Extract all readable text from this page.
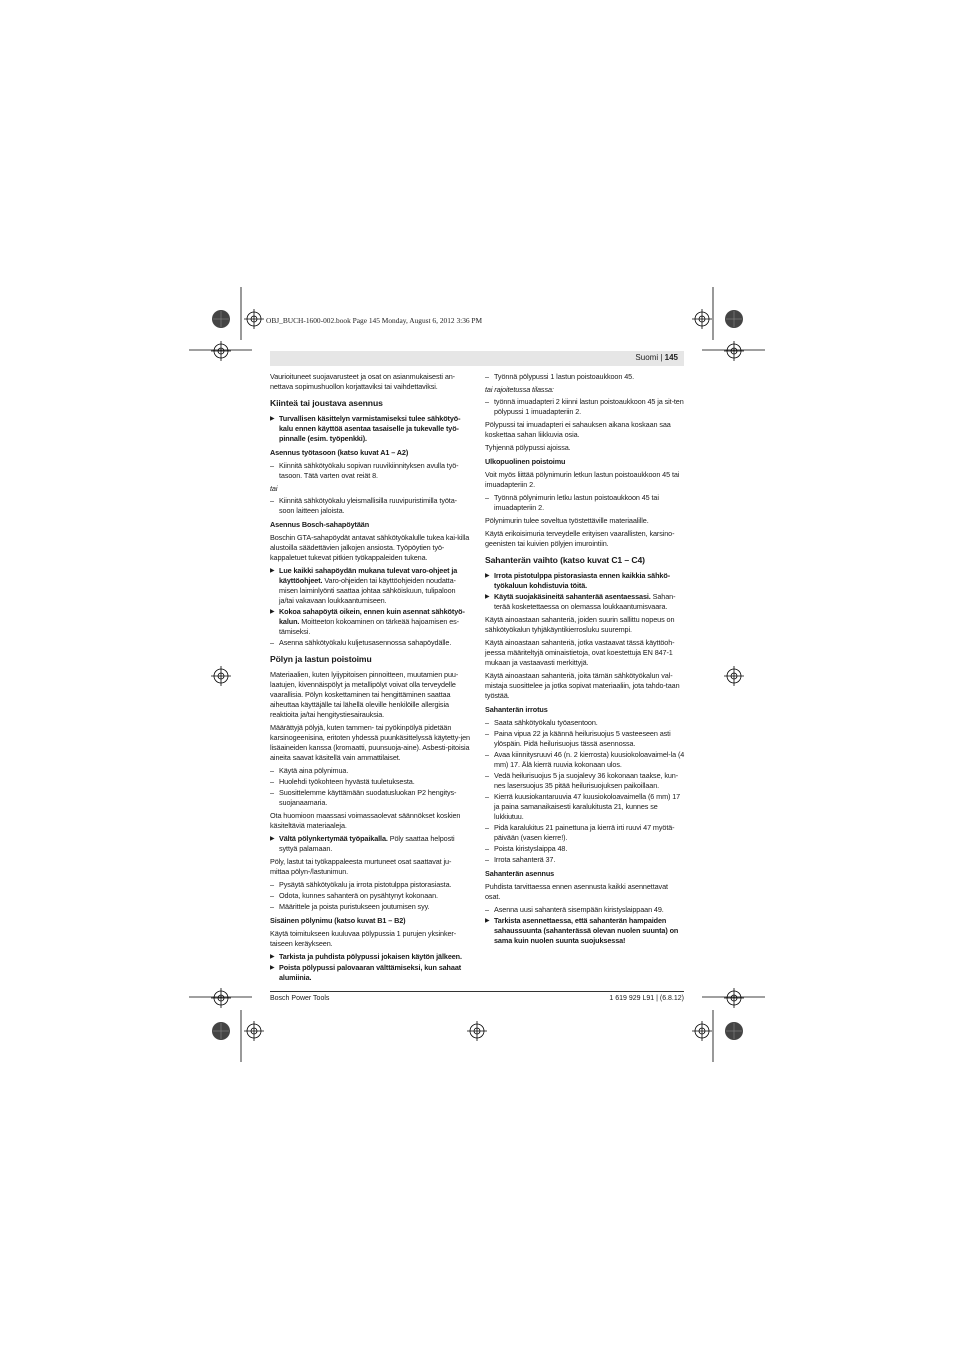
OBJ_BUCH-1600-002.book Page 145 Monday, August 6, 2012 3:36 PM
Suomi | 145

Vaurioituneet suojavarusteet ja osat on asianmukaisesti an-nettava sopimushuollon korjattaviksi tai vaihdettaviksi.

Kiinteä tai joustava asennus
▶ Turvallisen käsittelyn varmistamiseksi tulee sähkötyö-kalu ennen käyttöä asentaa tasaiselle ja tukevalle työ-pinnalle (esim. työpenkki).
Asennus työtasoon (katso kuvat A1 – A2)
– Kiinnitä sähkötyökalu sopivan ruuvikiinnityksen avulla työ-tasoon. Tätä varten ovat reiät 8.

tai

– Kiinnitä sähkötyökalu yleismallisilla ruuvipuristimilla työta-soon laitteen jaloista.
Asennus Bosch-sahapöytään

Boschin GTA-sahapöydät antavat sähkötyökalulle tukea kai-killa alustoilla säädettävien jalkojen ansiosta. Työpöytien työ-kappaletuet tukevat pitkien työkappaleiden tukena.

▶ Lue kaikki sahapöydän mukana tulevat varo-ohjeet ja käyttöohjeet. Varo-ohjeiden tai käyttöohjeiden noudatta-misen laiminlyönti saattaa johtaa sähköiskuun, tulipaloon ja/tai vakavaan loukkaantumiseen.
▶ Kokoa sahapöytä oikein, ennen kuin asennat sähkötyö-kalun. Moitteeton kokoaminen on tärkeää hajoamisen es-tämiseksi.
– Asenna sähkötyökalu kuljetusasennossa sahapöydälle.
Pölyn ja lastun poistoimu

Materiaalien, kuten lyijypitoisen pinnoitteen, muutamien puu-laatujen, kivennäispölyt ja metallipölyt voivat olla terveydelle vaarallisia. Pölyn koskettaminen tai hengittäminen saattaa aiheuttaa käyttäjälle tai lähellä oleville henkilöille allergisia reaktioita ja/tai hengitystiesairauksia.

Määrättyjä pölyjä, kuten tammen- tai pyökinpölyä pidetään karsinogeenisina, eritoten yhdessä puunkäsittelyssä käytetty-jen lisäaineiden kanssa (kromaatti, puunsuoja-aine). Asbesti-pitoisia aineita saavat käsitellä vain ammattilaiset.

– Käytä aina pölynimua.
– Huolehdi työkohteen hyvästä tuuletuksesta.
– Suosittelemme käyttämään suodatusluokan P2 hengitys-suojanaamaria.

Ota huomioon maassasi voimassaolevat säännökset koskien käsiteltäviä materiaaleja.

▶ Vältä pölynkertymää työpaikalla. Pöly saattaa helposti syttyä palamaan.

Pöly, lastut tai työkappaleesta murtuneet osat saattavat ju-mittaa pölyn-/lastunimun.

– Pysäytä sähkötyökalu ja irrota pistotulppa pistorasiasta.
– Odota, kunnes sahanterä on pysähtynyt kokonaan.
– Määrittele ja poista puristukseen joutumisen syy.
Sisäinen pölynimu (katso kuvat B1 – B2)

Käytä toimitukseen kuuluvaa pölypussia 1 purujen yksinker-taiseen keräykseen.

▶ Tarkista ja puhdista pölypussi jokaisen käytön jälkeen.
▶ Poista pölypussi palovaaran välttämiseksi, kun sahaat alumiinia.
– Työnnä pölypussi 1 lastun poistoaukkoon 45.

tai rajoitetussa tilassa:

– työnnä imuadapteri 2 kiinni lastun poistoaukkoon 45 ja sit-ten pölypussi 1 imuadapteriin 2.

Pölypussi tai imuadapteri ei sahauksen aikana koskaan saa koskettaa sahan liikkuvia osia.

Tyhjennä pölypussi ajoissa.

Ulkopuolinen poistoimu

Voit myös liittää pölynimurin letkun lastun poistoaukkoon 45 tai imuadapteriin 2.

– Työnnä pölynimurin letku lastun poistoaukkoon 45 tai imuadapteriin 2.

Pölynimurin tulee soveltua työstettäville materiaalille.

Käytä erikoisimuria terveydelle erityisen vaarallisten, karsino-geenisten tai kuivien pölyjen imurointiin.

Sahanterän vaihto (katso kuvat C1 – C4)
▶ Irrota pistotulppa pistorasiasta ennen kaikkia sähkö-työkaluun kohdistuvia töitä.
▶ Käytä suojakäsineitä sahanterää asentaessasi. Sahan-terää kosketettaessa on olemassa loukkaantumisvaara.

Käytä ainoastaan sahanteriä, joiden suurin sallittu nopeus on sähkötyökalun tyhjäkäyntikierrosluku suurempi.

Käytä ainoastaan sahanteriä, jotka vastaavat tässä käyttöoh-jeessa määriteltyjä ominaistietoja, ovat koestettuja EN 847-1 mukaan ja vastaavasti merkittyjä.

Käytä ainoastaan sahanteriä, joita tämän sähkötyökalun val-mistaja suosittelee ja jotka sopivat materiaaliin, jota tahdo-taan työstää.

Sahanterän irrotus
– Saata sähkötyökalu työasentoon.
– Paina vipua 22 ja käännä heilurisuojus 5 vasteeseen asti ylöspäin. Pidä heilurisuojus tässä asennossa.
– Avaa kiinnitysruuvi 46 (n. 2 kierrosta) kuusiokoloavaimel-la (4 mm) 17. Älä kierrä ruuvia kokonaan ulos.
– Vedä heilurisuojus 5 ja suojalevy 36 kokonaan taakse, kun-nes lasersuojus 35 pitää heilurisuojuksen paikoillaan.
– Kierrä kuusiokantaruuvia 47 kuusiokoloavaimella (6 mm) 17 ja paina samanaikaisesti karalukitusta 21, kunnes se lukkiutuu.
– Pidä karalukitus 21 painettuna ja kierrä irti ruuvi 47 myötä-päivään (vasen kierre!).
– Poista kiristyslaippa 48.
– Irrota sahanterä 37.
Sahanterän asennus

Puhdista tarvittaessa ennen asennusta kaikki asennettavat osat.

– Asenna uusi sahanterä sisempään kiristyslaippaan 49.
▶ Tarkista asennettaessa, että sahanterän hampaiden sahaussuunta (sahanterässä olevan nuolen suunta) on sama kuin nuolen suunta suojuksessa!
Bosch Power Tools	1 619 929 L91 | (6.8.12)
